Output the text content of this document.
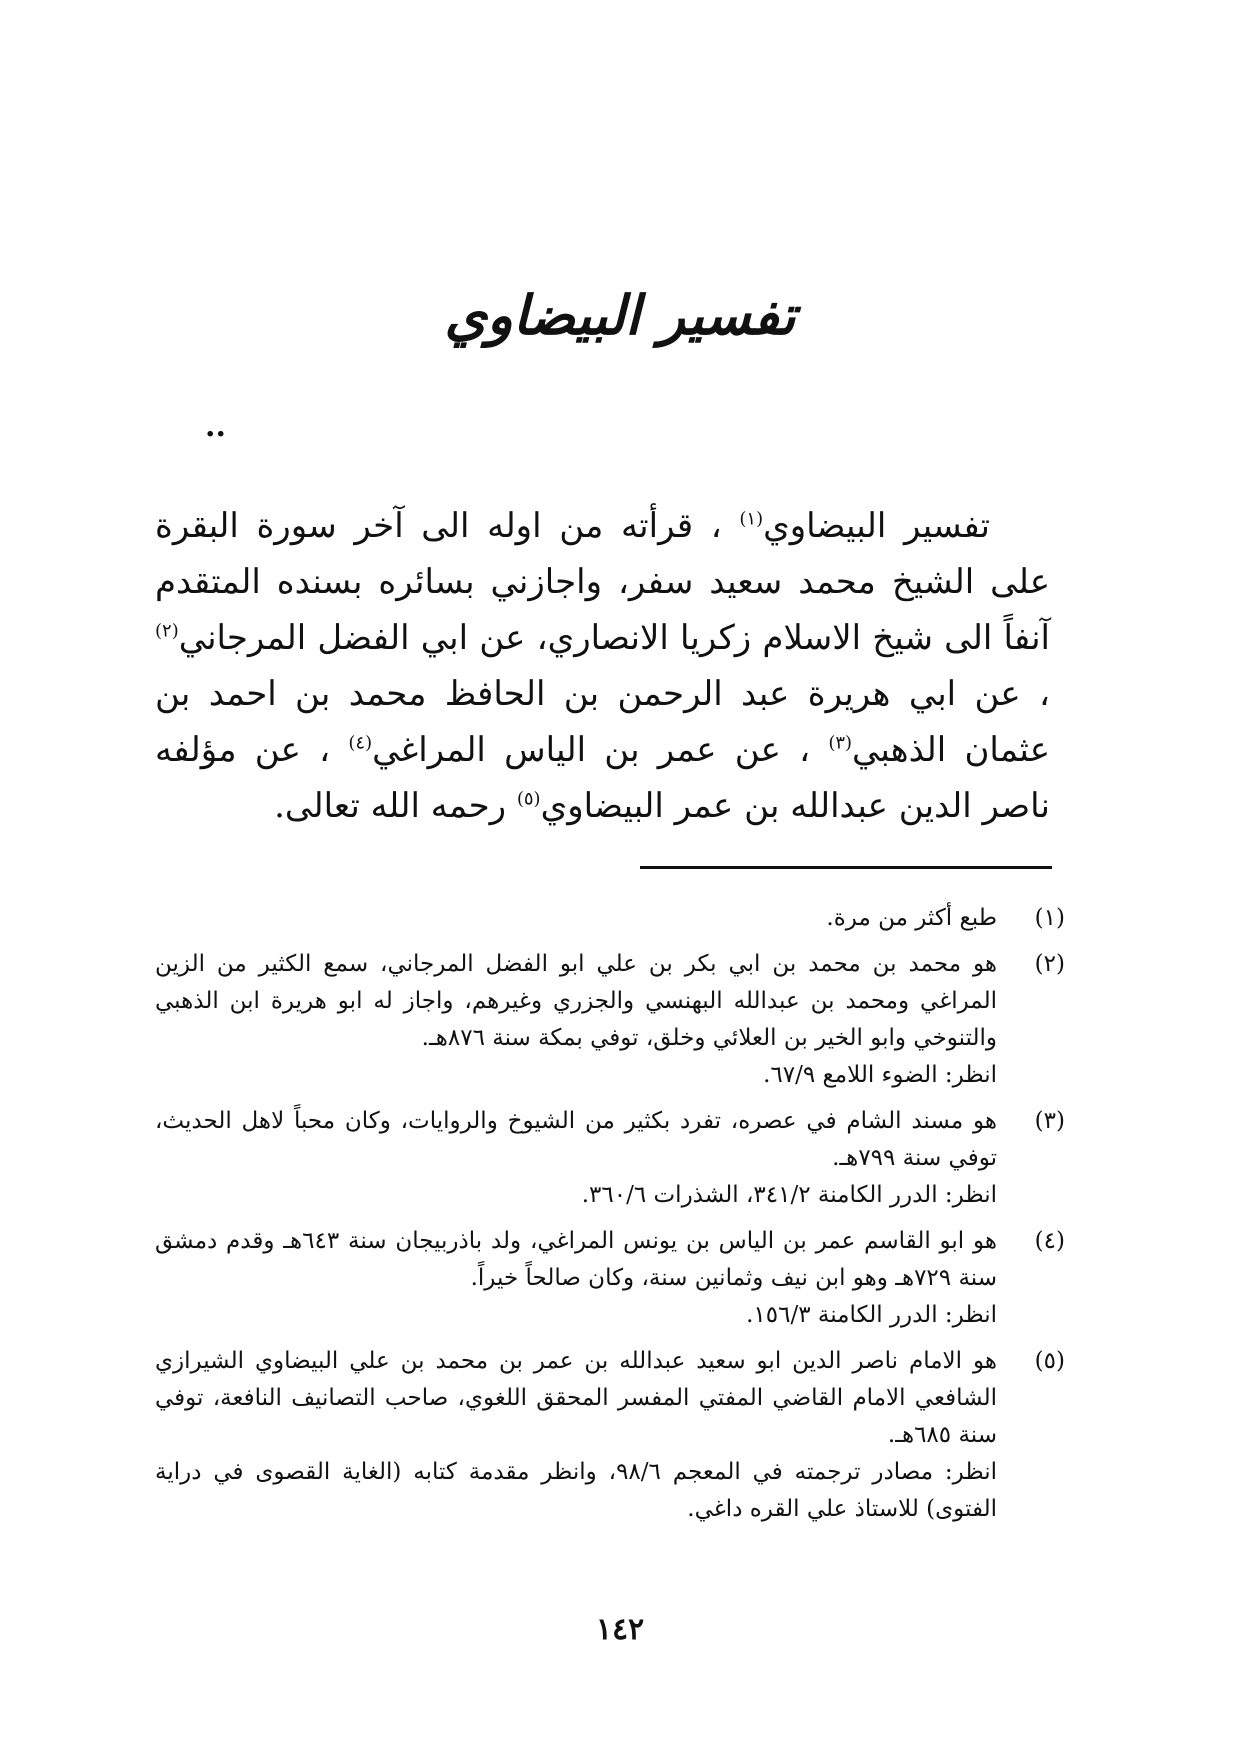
تفسير البيضاوي
..

تفسير البيضاوي$^{(١)}$ ، قرأته من اوله الى آخر سورة البقرة على الشيخ محمد سعيد سفر، واجازني بسائره بسنده المتقدم آنفاً الى شيخ الاسلام زكريا الانصاري، عن ابي الفضل المرجاني$^{(٢)}$ ، عن ابي هريرة عبد الرحمن بن الحافظ محمد بن احمد بن عثمان الذهبي$^{(٣)}$ ، عن عمر بن الياس المراغي$^{(٤)}$ ، عن مؤلفه ناصر الدين عبدالله بن عمر البيضاوي$^{(٥)}$ رحمه الله تعالى.

(١)

طبع أكثر من مرة.

(٢)

هو محمد بن محمد بن ابي بكر بن علي ابو الفضل المرجاني، سمع الكثير من الزين المراغي ومحمد بن عبدالله البهنسي والجزري وغيرهم، واجاز له ابو هريرة ابن الذهبي والتنوخي وابو الخير بن العلائي وخلق، توفي بمكة سنة ٨٧٦هـ.

انظر: الضوء اللامع ٦٧/٩.

(٣)

هو مسند الشام في عصره، تفرد بكثير من الشيوخ والروايات، وكان محباً لاهل الحديث، توفي سنة ٧٩٩هـ.

انظر: الدرر الكامنة ٣٤١/٢، الشذرات ٣٦٠/٦.

(٤)

هو ابو القاسم عمر بن الياس بن يونس المراغي، ولد باذربيجان سنة ٦٤٣هـ وقدم دمشق سنة ٧٢٩هـ وهو ابن نيف وثمانين سنة، وكان صالحاً خيراً.

انظر: الدرر الكامنة ١٥٦/٣.

(٥)

هو الامام ناصر الدين ابو سعيد عبدالله بن عمر بن محمد بن علي البيضاوي الشيرازي الشافعي الامام القاضي المفتي المفسر المحقق اللغوي، صاحب التصانيف النافعة، توفي سنة ٦٨٥هـ.

انظر: مصادر ترجمته في المعجم ٩٨/٦، وانظر مقدمة كتابه (الغاية القصوى في دراية الفتوى) للاستاذ علي القره داغي.

١٤٢
